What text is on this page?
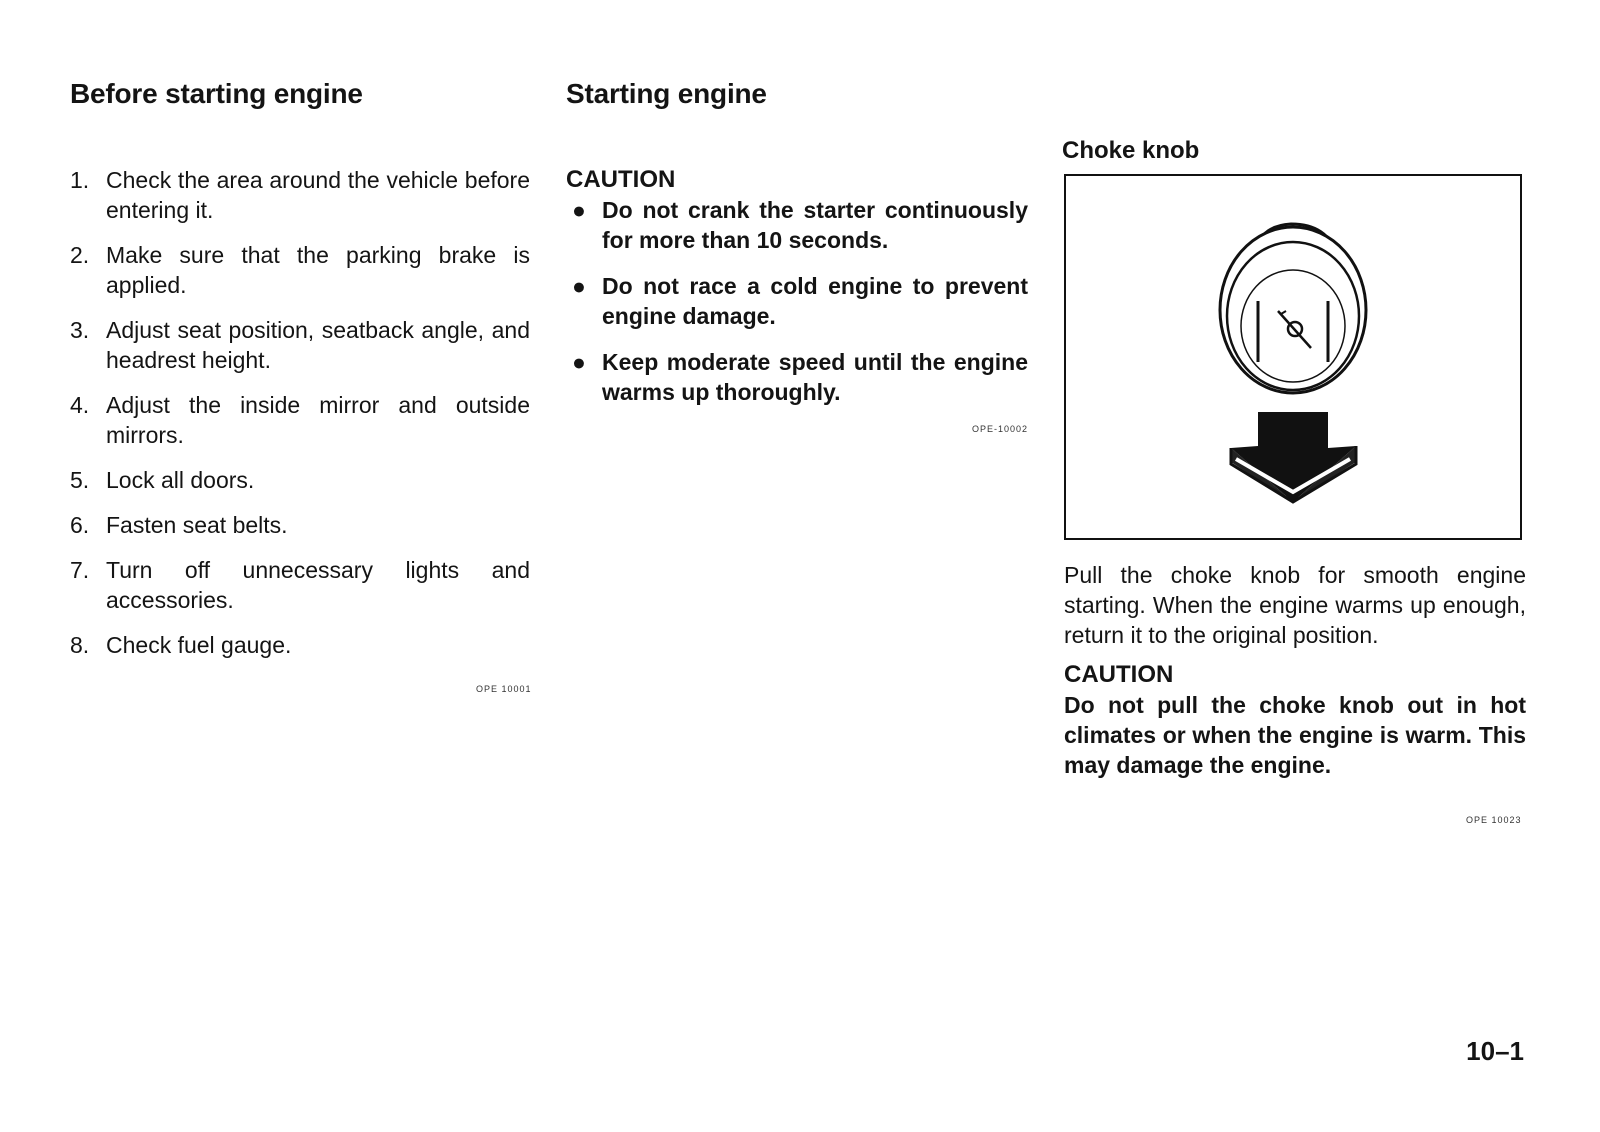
Before starting engine
1. Check the area around the vehicle before entering it.
2. Make sure that the parking brake is applied.
3. Adjust seat position, seatback angle, and headrest height.
4. Adjust the inside mirror and outside mirrors.
5. Lock all doors.
6. Fasten seat belts.
7. Turn off unnecessary lights and accessories.
8. Check fuel gauge.
OPE 10001
Starting engine
CAUTION
● Do not crank the starter continuously for more than 10 seconds.
● Do not race a cold engine to prevent engine damage.
● Keep moderate speed until the engine warms up thoroughly.
OPE-10002
Choke knob
Pull the choke knob for smooth engine starting. When the engine warms up enough, return it to the original position.
CAUTION
Do not pull the choke knob out in hot climates or when the engine is warm. This may damage the engine.
OPE 10023
10–1
